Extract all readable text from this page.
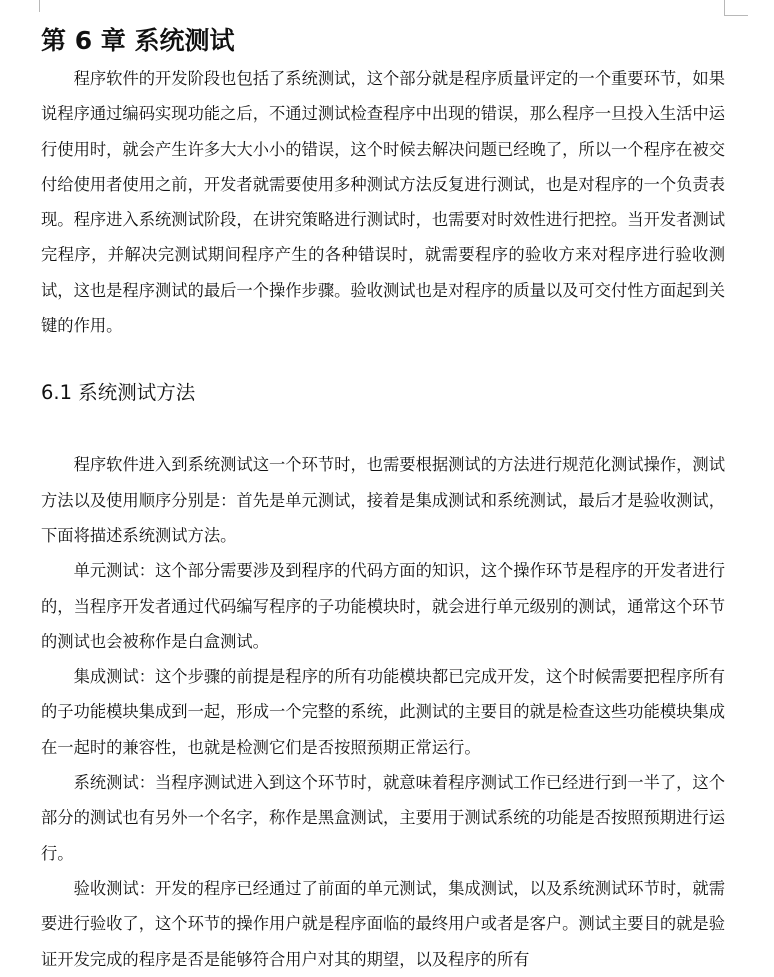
第 6 章 系统测试

程序软件的开发阶段也包括了系统测试，这个部分就是程序质量评定的一个重要环节，如果说程序通过编码实现功能之后，不通过测试检查程序中出现的错误，那么程序一旦投入生活中运行使用时，就会产生许多大大小小的错误，这个时候去解决问题已经晚了，所以一个程序在被交付给使用者使用之前，开发者就需要使用多种测试方法反复进行测试，也是对程序的一个负责表现。程序进入系统测试阶段，在讲究策略进行测试时，也需要对时效性进行把控。当开发者测试完程序，并解决完测试期间程序产生的各种错误时，就需要程序的验收方来对程序进行验收测试，这也是程序测试的最后一个操作步骤。验收测试也是对程序的质量以及可交付性方面起到关键的作用。

6.1 系统测试方法

程序软件进入到系统测试这一个环节时，也需要根据测试的方法进行规范化测试操作，测试方法以及使用顺序分别是：首先是单元测试，接着是集成测试和系统测试，最后才是验收测试，下面将描述系统测试方法。

单元测试：这个部分需要涉及到程序的代码方面的知识，这个操作环节是程序的开发者进行的，当程序开发者通过代码编写程序的子功能模块时，就会进行单元级别的测试，通常这个环节的测试也会被称作是白盒测试。

集成测试：这个步骤的前提是程序的所有功能模块都已完成开发，这个时候需要把程序所有的子功能模块集成到一起，形成一个完整的系统，此测试的主要目的就是检查这些功能模块集成在一起时的兼容性，也就是检测它们是否按照预期正常运行。

系统测试：当程序测试进入到这个环节时，就意味着程序测试工作已经进行到一半了，这个部分的测试也有另外一个名字，称作是黑盒测试，主要用于测试系统的功能是否按照预期进行运行。

验收测试：开发的程序已经通过了前面的单元测试，集成测试，以及系统测试环节时，就需要进行验收了，这个环节的操作用户就是程序面临的最终用户或者是客户。测试主要目的就是验证开发完成的程序是否是能够符合用户对其的期望，以及程序的所有
